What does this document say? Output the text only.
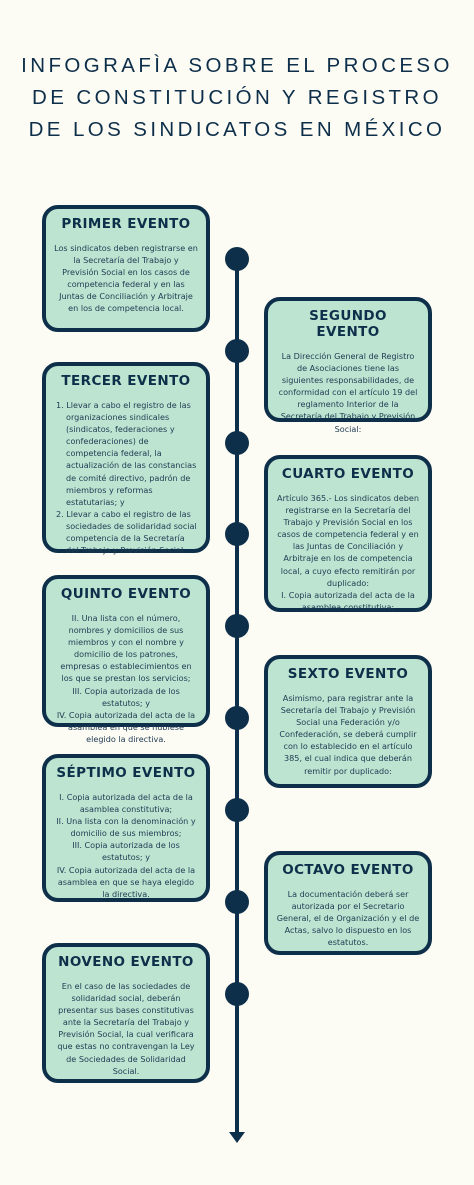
INFOGRAFÌA SOBRE EL PROCESO
DE CONSTITUCIÓN Y REGISTRO
DE LOS SINDICATOS EN MÉXICO
PRIMER EVENTO

Los sindicatos deben registrarse en la Secretaría del Trabajo y Previsión Social en los casos de competencia federal y en las Juntas de Conciliación y Arbitraje en los de competencia local.	SEGUNDO EVENTO

La Dirección General de Registro de Asociaciones tiene las siguientes responsabilidades, de conformidad con el artículo 19 del reglamento Interior de la Secretaría del Trabajo y Previsión Social:

TERCER EVENTO
1. Llevar a cabo el registro de las organizaciones sindicales (sindicatos, federaciones y confederaciones) de competencia federal, la actualización de las constancias de comité directivo, padrón de miembros y reformas estatutarias; y
2. Llevar a cabo el registro de las sociedades de solidaridad social competencia de la Secretaría del Trabajo y Previsión Social.
CUARTO EVENTO

Artículo 365.- Los sindicatos deben registrarse en la Secretaría del Trabajo y Previsión Social en los casos de competencia federal y en las Juntas de Conciliación y Arbitraje en los de competencia local, a cuyo efecto remitirán por duplicado:

I. Copia autorizada del acta de la asamblea constitutiva;

QUINTO EVENTO
II. Una lista con el número, nombres y domicilios de sus miembros y con el nombre y domicilio de los patrones, empresas o establecimientos en los que se prestan los servicios;
III. Copia autorizada de los estatutos; y
IV. Copia autorizada del acta de la asamblea en que se hubiese elegido la directiva.
SEXTO EVENTO

Asimismo, para registrar ante la Secretaría del Trabajo y Previsión Social una Federación y/o Confederación, se deberá cumplir con lo establecido en el artículo 385, el cual indica que deberán remitir por duplicado:

SÉPTIMO EVENTO
I. Copia autorizada del acta de la asamblea constitutiva;
II. Una lista con la denominación y domicilio de sus miembros;
III. Copia autorizada de los estatutos; y
IV. Copia autorizada del acta de la asamblea en que se haya elegido la directiva.
OCTAVO EVENTO

La documentación deberá ser autorizada por el Secretario General, el de Organización y el de Actas, salvo lo dispuesto en los estatutos.

NOVENO EVENTO

En el caso de las sociedades de solidaridad social, deberán presentar sus bases constitutivas ante la Secretaría del Trabajo y Previsión Social, la cual verificara que estas no contravengan la Ley de Sociedades de Solidaridad Social.
